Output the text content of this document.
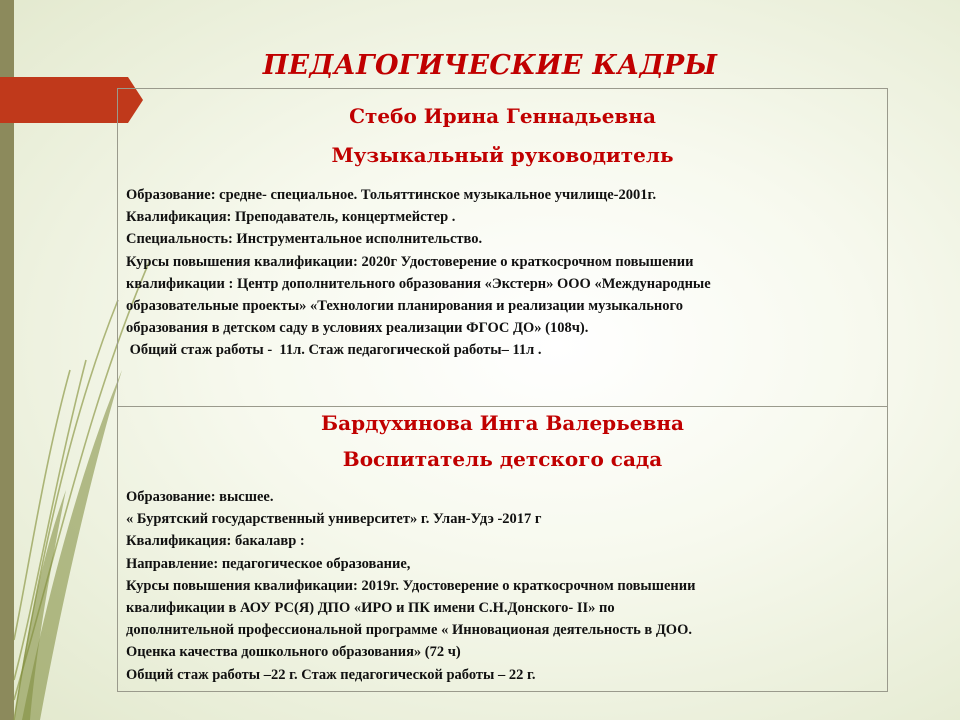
ПЕДАГОГИЧЕСКИЕ КАДРЫ
Стебо Ирина Геннадьевна
Музыкальный руководитель
Образование: средне- специальное. Тольяттинское музыкальное училище-2001г.
Квалификация: Преподаватель, концертмейстер .
Специальность: Инструментальное исполнительство.
Курсы повышения квалификации: 2020г Удостоверение о краткосрочном повышении
квалификации : Центр дополнительного образования «Экстерн» ООО «Международные
образовательные проекты» «Технологии планирования и реализации музыкального
образования в детском саду в условиях реализации ФГОС ДО» (108ч).
Общий стаж работы -  11л. Стаж педагогической работы– 11л .
Бардухинова Инга Валерьевна
Воспитатель детского сада
Образование: высшее.
« Бурятский государственный университет» г. Улан-Удэ -2017 г
Квалификация: бакалавр :
Направление: педагогическое образование,
Курсы повышения квалификации: 2019г. Удостоверение о краткосрочном повышении
квалификации в АОУ РС(Я) ДПО «ИРО и ПК имени С.Н.Донского- II» по
дополнительной профессиональной программе « Инновационая деятельность в ДОО.
Оценка качества дошкольного образования» (72 ч)
Общий стаж работы –22 г. Стаж педагогической работы – 22 г.
